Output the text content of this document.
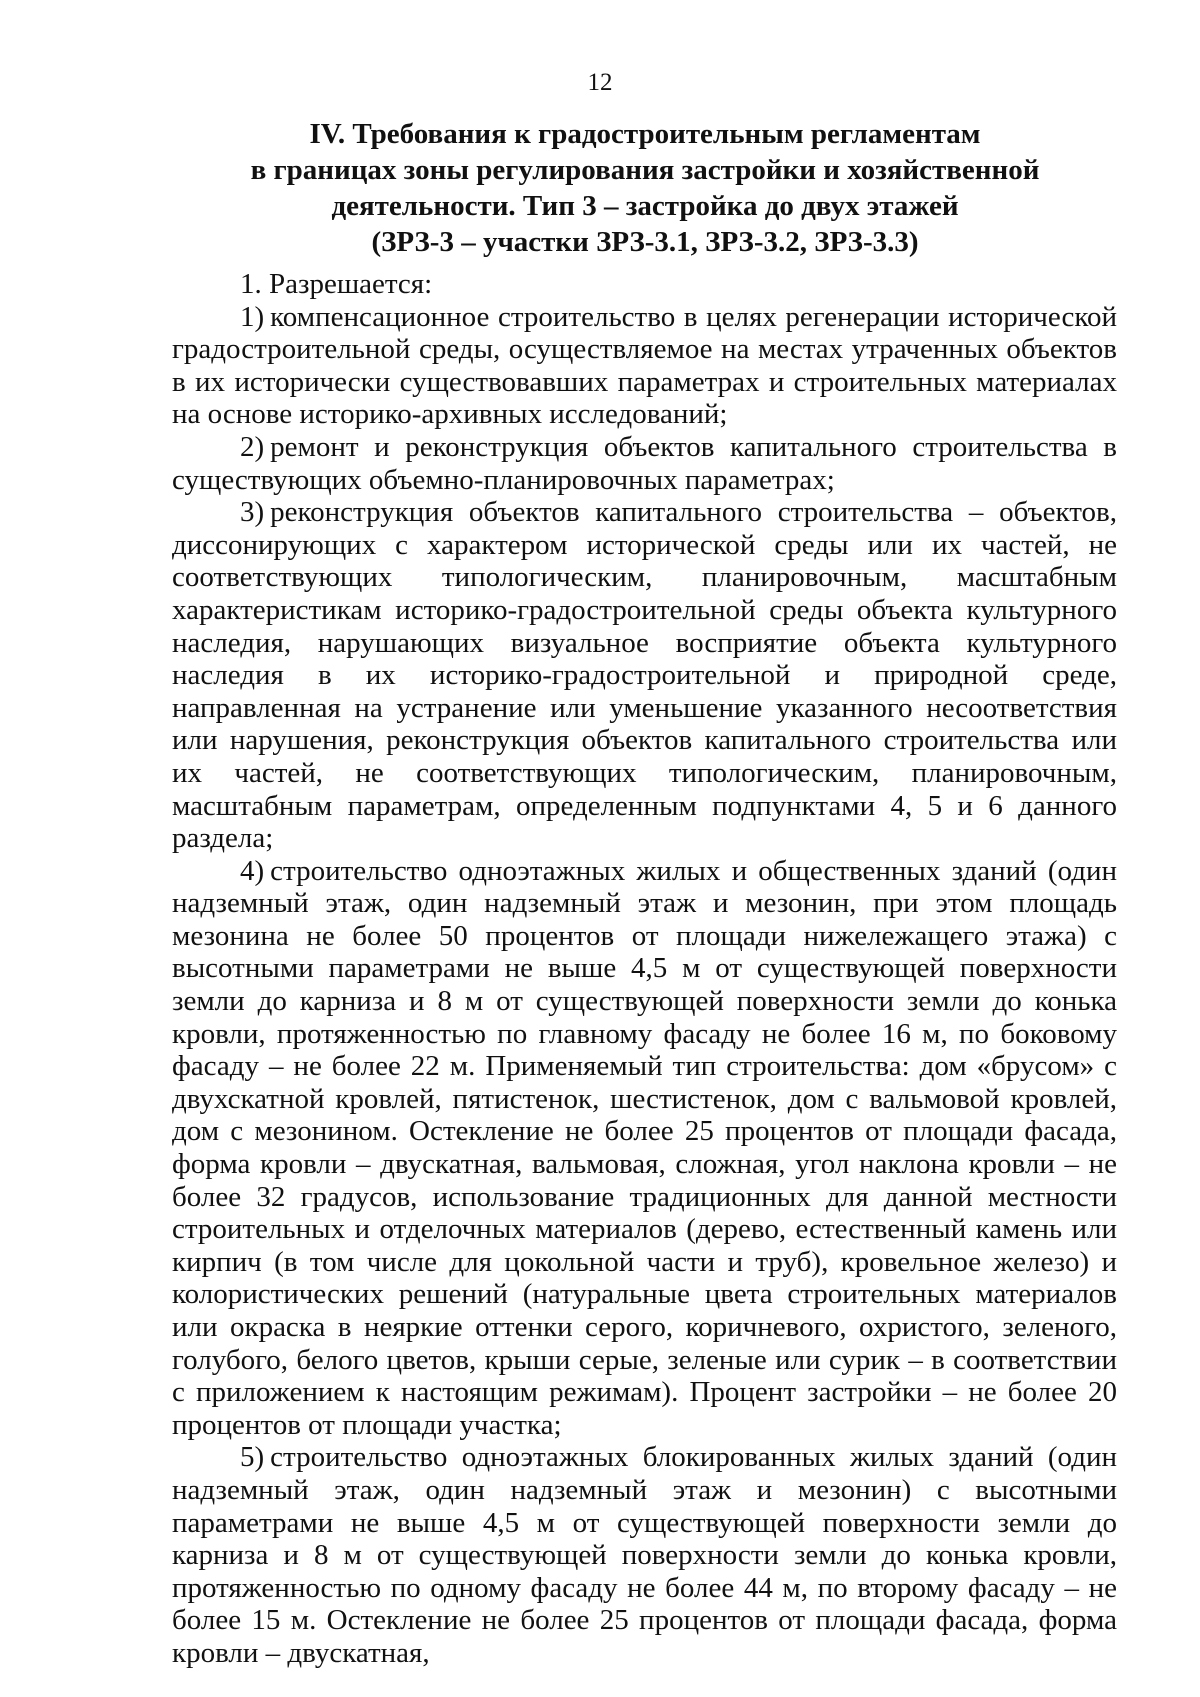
12
IV. Требования к градостроительным регламентам
в границах зоны регулирования застройки и хозяйственной
деятельности. Тип 3 – застройка до двух этажей
(ЗРЗ-3 – участки ЗРЗ-3.1, ЗРЗ-3.2, ЗРЗ-3.3)

1. Разрешается:

1) компенсационное строительство в целях регенерации исторической градостроительной среды, осуществляемое на местах утраченных объектов в их исторически существовавших параметрах и строительных материалах на основе историко-архивных исследований;

2) ремонт и реконструкция объектов капитального строительства в существующих объемно-планировочных параметрах;

3) реконструкция объектов капитального строительства – объектов, диссонирующих с характером исторической среды или их частей, не соответствующих типологическим, планировочным, масштабным характеристикам историко-градостроительной среды объекта культурного наследия, нарушающих визуальное восприятие объекта культурного наследия в их историко-градостроительной и природной среде, направленная на устранение или уменьшение указанного несоответствия или нарушения, реконструкция объектов капитального строительства или их частей, не соответствующих типологическим, планировочным, масштабным параметрам, определенным подпунктами 4, 5 и 6 данного раздела;

4) строительство одноэтажных жилых и общественных зданий (один надземный этаж, один надземный этаж и мезонин, при этом площадь мезонина не более 50 процентов от площади нижележащего этажа) с высотными параметрами не выше 4,5 м от существующей поверхности земли до карниза и 8 м от существующей поверхности земли до конька кровли, протяженностью по главному фасаду не более 16 м, по боковому фасаду – не более 22 м. Применяемый тип строительства: дом «брусом» с двухскатной кровлей, пятистенок, шестистенок, дом с вальмовой кровлей, дом с мезонином. Остекление не более 25 процентов от площади фасада, форма кровли – двускатная, вальмовая, сложная, угол наклона кровли – не более 32 градусов, использование традиционных для данной местности строительных и отделочных материалов (дерево, естественный камень или кирпич (в том числе для цокольной части и труб), кровельное железо) и колористических решений (натуральные цвета строительных материалов или окраска в неяркие оттенки серого, коричневого, охристого, зеленого, голубого, белого цветов, крыши серые, зеленые или сурик – в соответствии с приложением к настоящим режимам). Процент застройки – не более 20 процентов от площади участка;

5) строительство одноэтажных блокированных жилых зданий (один надземный этаж, один надземный этаж и мезонин) с высотными параметрами не выше 4,5 м от существующей поверхности земли до карниза и 8 м от существующей поверхности земли до конька кровли, протяженностью по одному фасаду не более 44 м, по второму фасаду – не более 15 м. Остекление не более 25 процентов от площади фасада, форма кровли – двускатная,
